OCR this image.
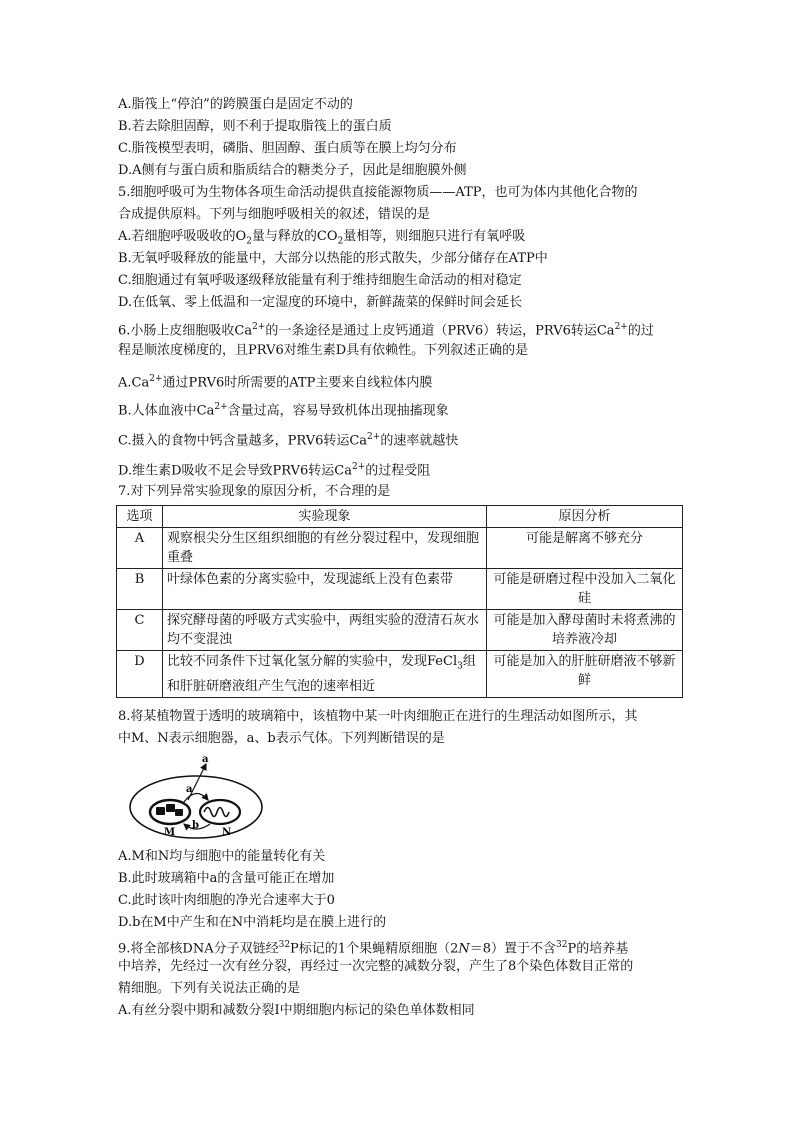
A.脂筏上“停泊”的跨膜蛋白是固定不动的
B.若去除胆固醇，则不利于提取脂筏上的蛋白质
C.脂筏模型表明，磷脂、胆固醇、蛋白质等在膜上均匀分布
D.A侧有与蛋白质和脂质结合的糖类分子，因此是细胞膜外侧
5.细胞呼吸可为生物体各项生命活动提供直接能源物质——ATP，也可为体内其他化合物的
合成提供原料。下列与细胞呼吸相关的叙述，错误的是
A.若细胞呼吸吸收的$O_2$量与释放的$CO_2$量相等，则细胞只进行有氧呼吸
B.无氧呼吸释放的能量中，大部分以热能的形式散失，少部分储存在ATP中
C.细胞通过有氧呼吸逐级释放能量有利于维持细胞生命活动的相对稳定
D.在低氧、零上低温和一定湿度的环境中，新鲜蔬菜的保鲜时间会延长
6.小肠上皮细胞吸收$Ca^{2+}$的一条途径是通过上皮钙通道（PRV6）转运，PRV6转运$Ca^{2+}$的过
程是顺浓度梯度的，且PRV6对维生素D具有依赖性。下列叙述正确的是
$A.Ca^{2+}$通过PRV6时所需要的ATP主要来自线粒体内膜
B.人体血液中$Ca^{2+}$含量过高，容易导致机体出现抽搐现象
C.摄入的食物中钙含量越多，PRV6转运$Ca^{2+}$的速率就越快
D.维生素D吸收不足会导致PRV6转运$Ca^{2+}$的过程受阻
7.对下列异常实验现象的原因分析，不合理的是
选项	实验现象	原因分析
A	观察根尖分生区组织细胞的有丝分裂过程中，发现细胞重叠	可能是解离不够充分
B	叶绿体色素的分离实验中，发现滤纸上没有色素带	可能是研磨过程中没加入二氧化硅
C	探究酵母菌的呼吸方式实验中，两组实验的澄清石灰水均不变混浊	可能是加入酵母菌时未将煮沸的培养液冷却
D	比较不同条件下过氧化氢分解的实验中，发现FeCl$_3$组和肝脏研磨液组产生气泡的速率相近	可能是加入的肝脏研磨液不够新鲜
8.将某植物置于透明的玻璃箱中，该植物中某一叶肉细胞正在进行的生理活动如图所示，其
中M、N表示细胞器，a、b表示气体。下列判断错误的是
a
a
b
M	N
A.M和N均与细胞中的能量转化有关
B.此时玻璃箱中a的含量可能正在增加
C.此时该叶肉细胞的净光合速率大于0
D.b在M中产生和在N中消耗均是在膜上进行的
9.将全部核DNA分子双链经$^{32}$P标记的1个果蝇精原细胞（2N＝8）置于不含$^{32}$P的培养基
中培养，先经过一次有丝分裂，再经过一次完整的减数分裂，产生了8个染色体数目正常的
精细胞。下列有关说法正确的是
A.有丝分裂中期和减数分裂Ⅰ中期细胞内标记的染色单体数相同
